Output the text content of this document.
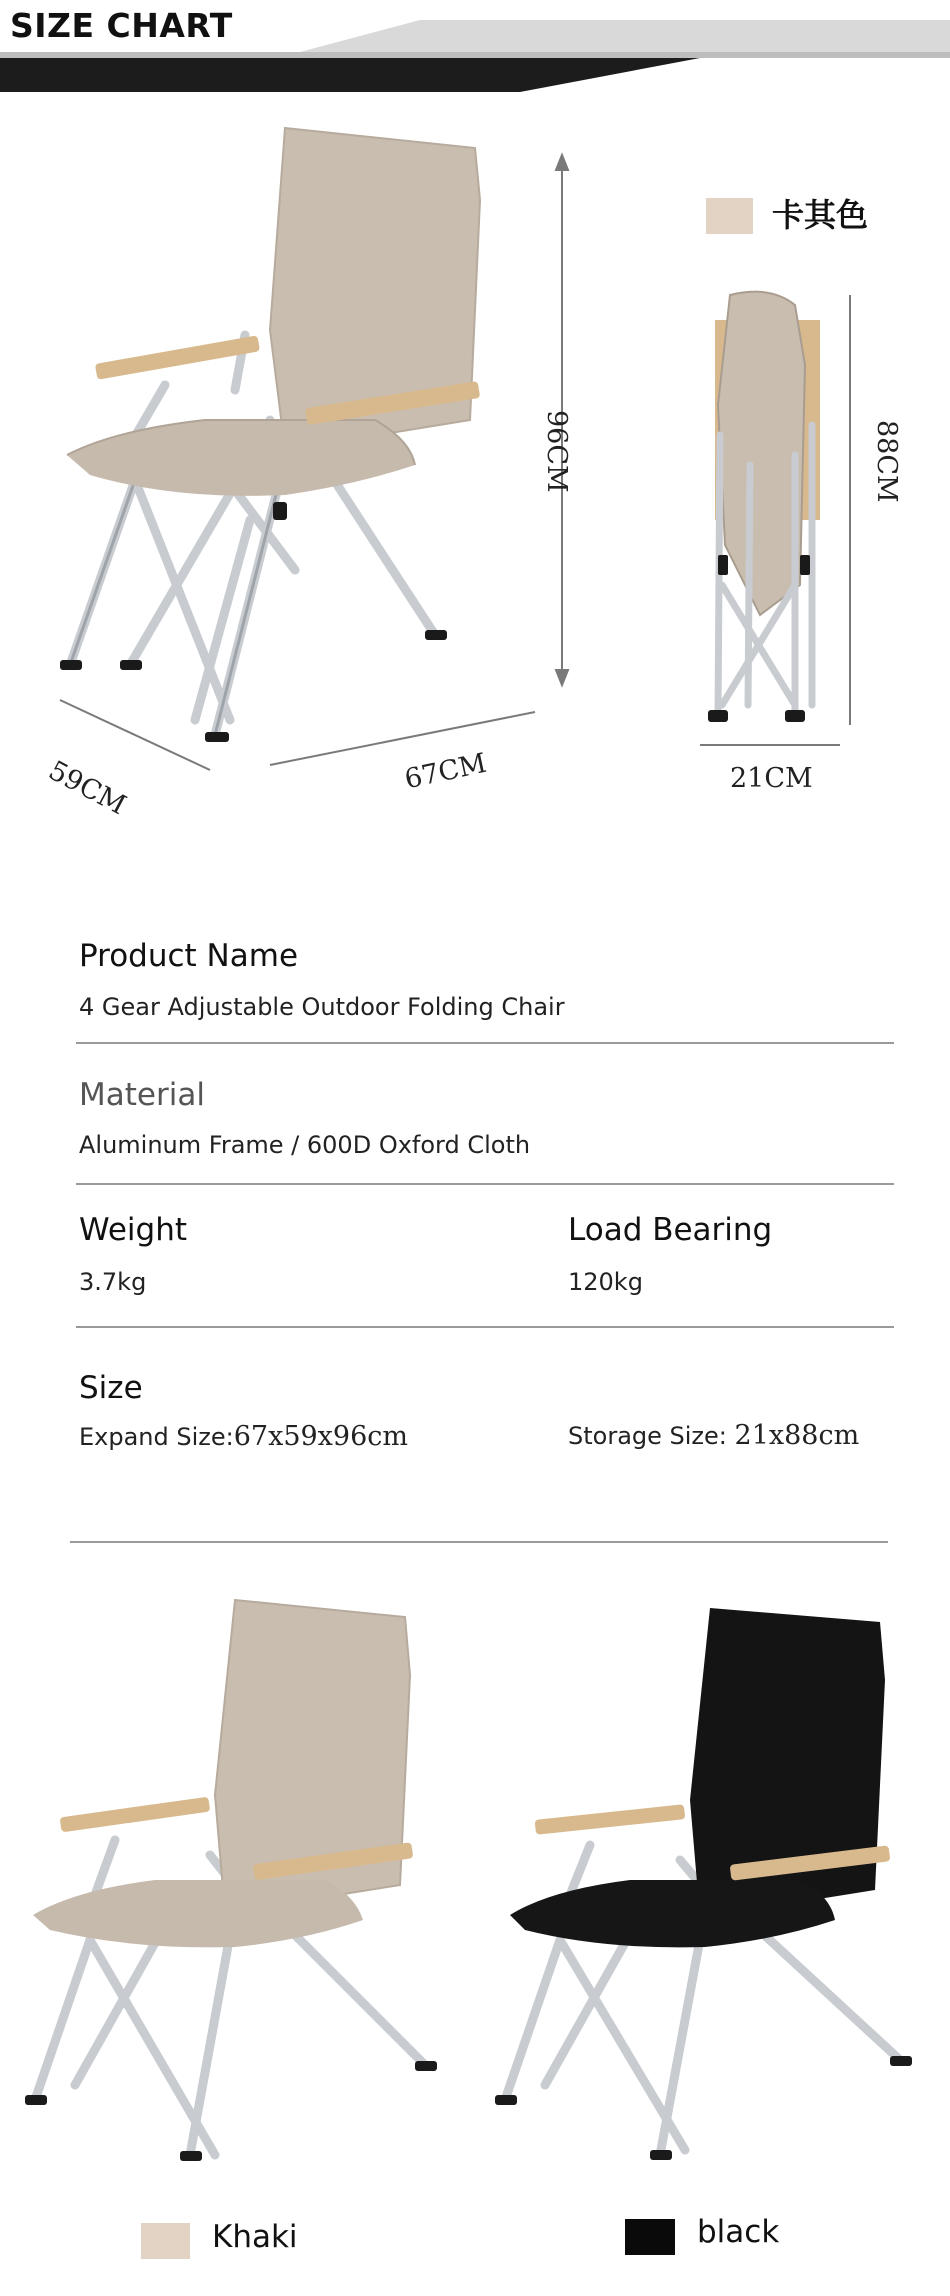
SIZE CHART
96CM
59CM	67CM
88CM
21CM
卡其色
Product Name
4 Gear Adjustable Outdoor Folding Chair
Material
Aluminum Frame / 600D Oxford Cloth
Weight
3.7kg
Load Bearing
120kg
Size
Expand Size:67x59x96cm	Storage Size: 21x88cm
Khaki	black
